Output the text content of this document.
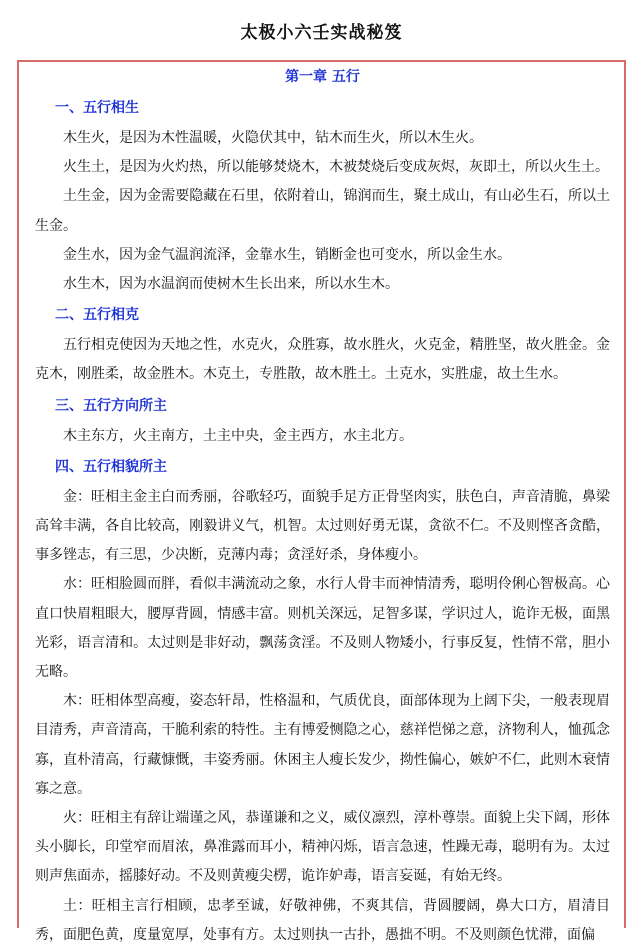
太极小六壬实战秘笈
第一章 五行
一、五行相生

木生火，是因为木性温暖，火隐伏其中，钻木而生火，所以木生火。

火生土，是因为火灼热，所以能够焚烧木，木被焚烧后变成灰烬，灰即土，所以火生土。

土生金，因为金需要隐藏在石里，依附着山，锦润而生，聚土成山，有山必生石，所以土生金。

金生水，因为金气温润流泽，金靠水生，销断金也可变水，所以金生水。

水生木，因为水温润而使树木生长出来，所以水生木。

二、五行相克

五行相克使因为天地之性，水克火，众胜寡，故水胜火，火克金，精胜坚，故火胜金。金克木，刚胜柔，故金胜木。木克土，专胜散，故木胜土。土克水，实胜虚，故土生水。

三、五行方向所主

木主东方，火主南方，土主中央，金主西方，水主北方。

四、五行相貌所主

金：旺相主金主白而秀丽，谷歌轻巧，面貌手足方正骨坚肉实，肤色白，声音清脆，鼻梁高耸丰满，各自比较高，刚毅讲义气，机智。太过则好勇无谋，贪欲不仁。不及则悭吝贪酷，事多锉志，有三思，少决断，克薄内毒；贪淫好杀，身体瘦小。

水：旺相脸圆而胖，看似丰满流动之象，水行人骨丰而神情清秀，聪明伶俐心智极高。心直口快眉粗眼大，腰厚背圆，情感丰富。则机关深远，足智多谋，学识过人，诡诈无极，面黑光彩，语言清和。太过则是非好动，飘荡贪淫。不及则人物矮小，行事反复，性情不常，胆小无略。

木：旺相体型高瘦，姿态轩昂，性格温和，气质优良，面部体现为上阔下尖，一般表现眉目清秀，声音清高，干脆利索的特性。主有博爱恻隐之心，慈祥恺悌之意，济物利人，恤孤念寡，直朴清高，行藏慷慨，丰姿秀丽。休困主人瘦长发少，拗性偏心，嫉妒不仁，此则木衰情寡之意。

火：旺相主有辞让端谨之风，恭谨谦和之义，威仪凛烈，淳朴尊崇。面貌上尖下阔，形体头小脚长，印堂窄而眉浓，鼻准露而耳小，精神闪烁，语言急速，性躁无毒，聪明有为。太过则声焦面赤，摇膝好动。不及则黄瘦尖楞，诡诈妒毒，语言妄诞，有始无终。

土：旺相主言行相顾，忠孝至诚，好敬神佛，不爽其信，背圆腰阔，鼻大口方，眉清目秀，面肥色黄，度量宽厚，处事有方。太过则执一古扑，愚拙不明。不及则颜色忧滞，面偏
